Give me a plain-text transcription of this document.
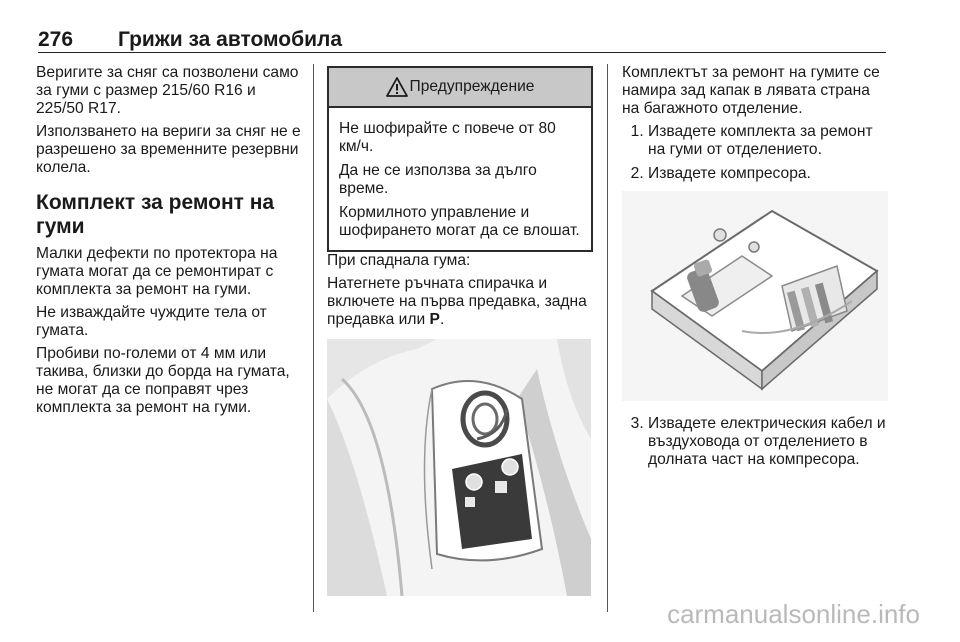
276 Грижи за автомобила

Веригите за сняг са позволени само за гуми с размер 215/60 R16 и 225/50 R17.

Използването на вериги за сняг не е разрешено за временните резервни колела.

Комплект за ремонт на гуми

Малки дефекти по протектора на гумата могат да се ремонтират с комплекта за ремонт на гуми.

Не изваждайте чуждите тела от гумата.

Пробиви по-големи от 4 мм или такива, близки до борда на гумата, не могат да се поправят чрез комплекта за ремонт на гуми.

Предупреждение

Не шофирайте с повече от 80 км/ч.

Да не се използва за дълго време.

Кормилното управление и шофирането могат да се влошат.

При спаднала гума:

Натегнете ръчната спирачка и включете на първа предавка, задна предавка или P.

Комплектът за ремонт на гумите се намира зад капак в лявата страна на багажното отделение.

1. Извадете комплекта за ремонт на гуми от отделението.
2. Извадете компресора.
3. Извадете електрическия кабел и въздуховода от отделението в долната част на компресора.
carmanualsonline.info
